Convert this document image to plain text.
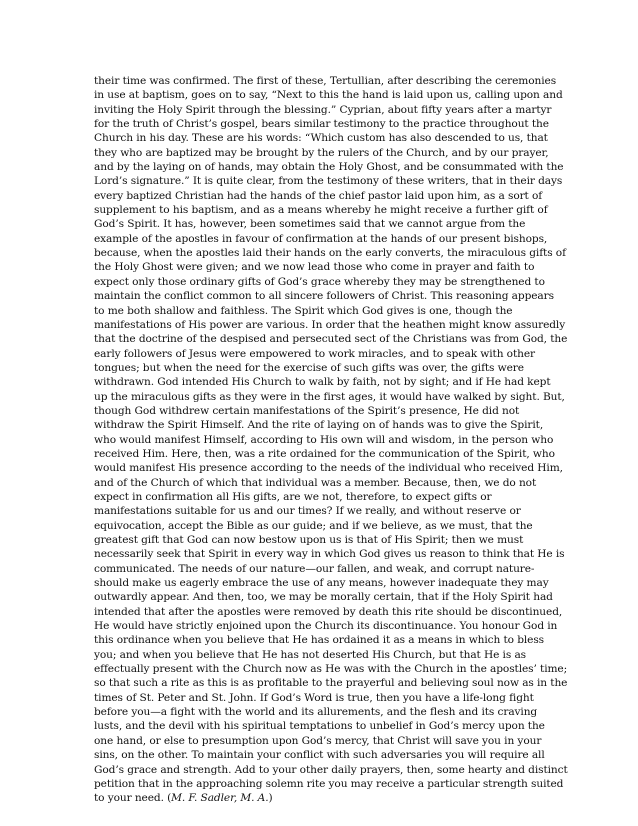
their time was confirmed. The first of these, Tertullian, after describing the ceremonies
in use at baptism, goes on to say, “Next to this the hand is laid upon us, calling upon and
inviting the Holy Spirit through the blessing.” Cyprian, about fifty years after a martyr
for the truth of Christ’s gospel, bears similar testimony to the practice throughout the
Church in his day. These are his words: “Which custom has also descended to us, that
they who are baptized may be brought by the rulers of the Church, and by our prayer,
and by the laying on of hands, may obtain the Holy Ghost, and be consummated with the
Lord’s signature.” It is quite clear, from the testimony of these writers, that in their days
every baptized Christian had the hands of the chief pastor laid upon him, as a sort of
supplement to his baptism, and as a means whereby he might receive a further gift of
God’s Spirit. It has, however, been sometimes said that we cannot argue from the
example of the apostles in favour of confirmation at the hands of our present bishops,
because, when the apostles laid their hands on the early converts, the miraculous gifts of
the Holy Ghost were given; and we now lead those who come in prayer and faith to
expect only those ordinary gifts of God’s grace whereby they may be strengthened to
maintain the conflict common to all sincere followers of Christ. This reasoning appears
to me both shallow and faithless. The Spirit which God gives is one, though the
manifestations of His power are various. In order that the heathen might know assuredly
that the doctrine of the despised and persecuted sect of the Christians was from God, the
early followers of Jesus were empowered to work miracles, and to speak with other
tongues; but when the need for the exercise of such gifts was over, the gifts were
withdrawn. God intended His Church to walk by faith, not by sight; and if He had kept
up the miraculous gifts as they were in the first ages, it would have walked by sight. But,
though God withdrew certain manifestations of the Spirit’s presence, He did not
withdraw the Spirit Himself. And the rite of laying on of hands was to give the Spirit,
who would manifest Himself, according to His own will and wisdom, in the person who
received Him. Here, then, was a rite ordained for the communication of the Spirit, who
would manifest His presence according to the needs of the individual who received Him,
and of the Church of which that individual was a member. Because, then, we do not
expect in confirmation all His gifts, are we not, therefore, to expect gifts or
manifestations suitable for us and our times? If we really, and without reserve or
equivocation, accept the Bible as our guide; and if we believe, as we must, that the
greatest gift that God can now bestow upon us is that of His Spirit; then we must
necessarily seek that Spirit in every way in which God gives us reason to think that He is
communicated. The needs of our nature—our fallen, and weak, and corrupt nature-
should make us eagerly embrace the use of any means, however inadequate they may
outwardly appear. And then, too, we may be morally certain, that if the Holy Spirit had
intended that after the apostles were removed by death this rite should be discontinued,
He would have strictly enjoined upon the Church its discontinuance. You honour God in
this ordinance when you believe that He has ordained it as a means in which to bless
you; and when you believe that He has not deserted His Church, but that He is as
effectually present with the Church now as He was with the Church in the apostles’ time;
so that such a rite as this is as profitable to the prayerful and believing soul now as in the
times of St. Peter and St. John. If God’s Word is true, then you have a life-long fight
before you—a fight with the world and its allurements, and the flesh and its craving
lusts, and the devil with his spiritual temptations to unbelief in God’s mercy upon the
one hand, or else to presumption upon God’s mercy, that Christ will save you in your
sins, on the other. To maintain your conflict with such adversaries you will require all
God’s grace and strength. Add to your other daily prayers, then, some hearty and distinct
petition that in the approaching solemn rite you may receive a particular strength suited
to your need. (M. F. Sadler, M. A.)
